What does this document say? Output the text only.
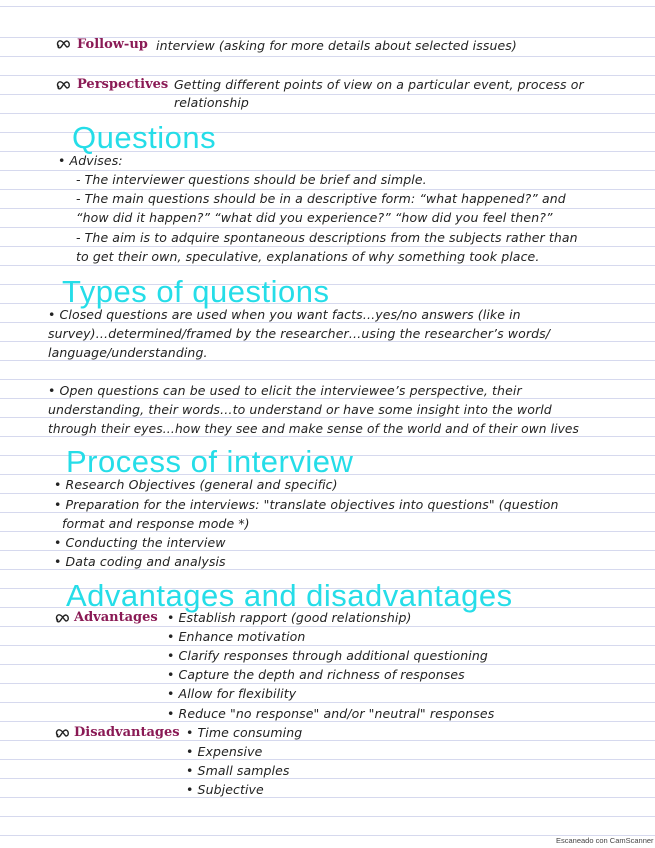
Follow-up interview (asking for more details about selected issues)
Perspectives Getting different points of view on a particular event, process or
relationship
Questions
• Advises:
- The interviewer questions should be brief and simple.
- The main questions should be in a descriptive form: “what happened?” and
“how did it happen?” “what did you experience?” “how did you feel then?”
- The aim is to adquire spontaneous descriptions from the subjects rather than
to get their own, speculative, explanations of why something took place.
Types of questions
• Closed questions are used when you want facts…yes/no answers (like in
survey)…determined/framed by the researcher…using the researcher’s words/
language/understanding.
• Open questions can be used to elicit the interviewee’s perspective, their
understanding, their words…to understand or have some insight into the world
through their eyes…how they see and make sense of the world and of their own lives
Process of interview
• Research Objectives (general and specific)
• Preparation for the interviews: "translate objectives into questions" (question
format and response mode *)
• Conducting the interview
• Data coding and analysis
Advantages and disadvantages
Advantages • Establish rapport (good relationship)
• Enhance motivation
• Clarify responses through additional questioning
• Capture the depth and richness of responses
• Allow for flexibility
• Reduce "no response" and/or "neutral" responses
Disadvantages • Time consuming
• Expensive
• Small samples
• Subjective
Escaneado con CamScanner
